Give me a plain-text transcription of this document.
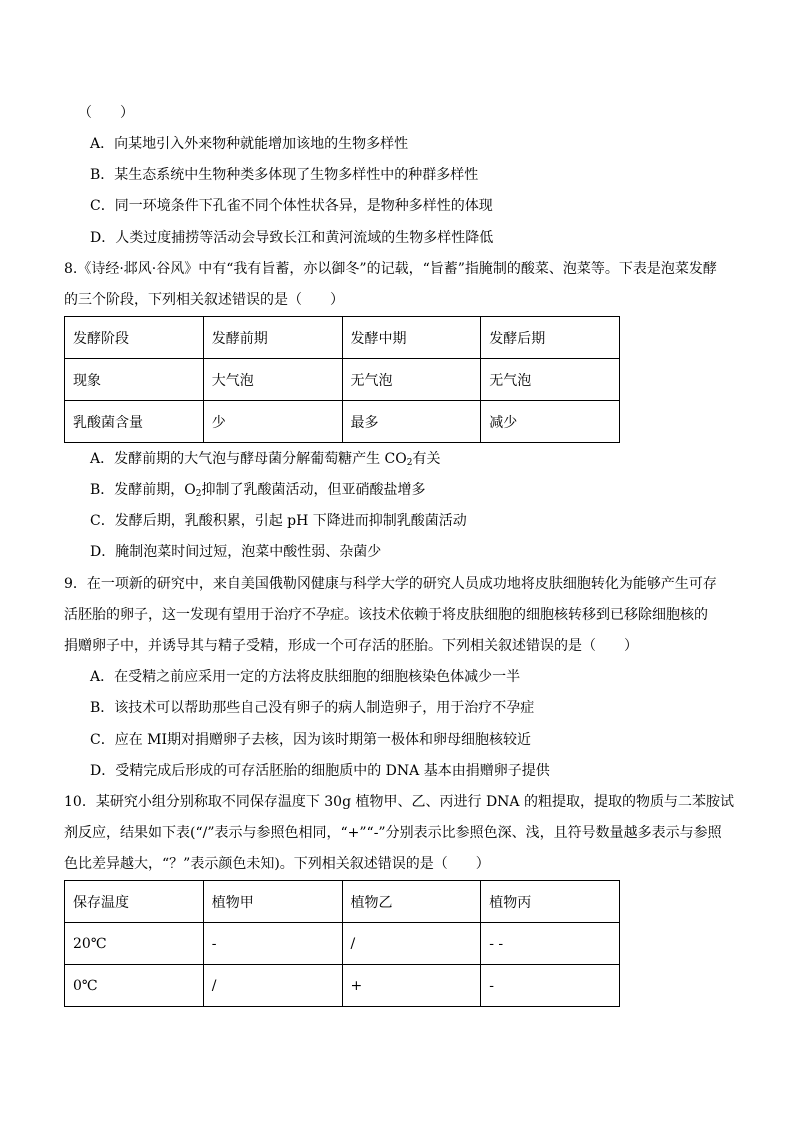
（　　）
A．向某地引入外来物种就能增加该地的生物多样性
B．某生态系统中生物种类多体现了生物多样性中的种群多样性
C．同一环境条件下孔雀不同个体性状各异，是物种多样性的体现
D．人类过度捕捞等活动会导致长江和黄河流域的生物多样性降低
8.《诗经·邶风·谷风》中有“我有旨蓄，亦以御冬”的记载，“旨蓄”指腌制的酸菜、泡菜等。下表是泡菜发酵
的三个阶段，下列相关叙述错误的是（　　）
发酵阶段	发酵前期	发酵中期	发酵后期
现象	大气泡	无气泡	无气泡
乳酸菌含量	少	最多	减少
A．发酵前期的大气泡与酵母菌分解葡萄糖产生 $CO_2$有关
B．发酵前期，$O_2$抑制了乳酸菌活动，但亚硝酸盐增多
C．发酵后期，乳酸积累，引起 pH 下降进而抑制乳酸菌活动
D．腌制泡菜时间过短，泡菜中酸性弱、杂菌少
9．在一项新的研究中，来自美国俄勒冈健康与科学大学的研究人员成功地将皮肤细胞转化为能够产生可存
活胚胎的卵子，这一发现有望用于治疗不孕症。该技术依赖于将皮肤细胞的细胞核转移到已移除细胞核的
捐赠卵子中，并诱导其与精子受精，形成一个可存活的胚胎。下列相关叙述错误的是（　　）
A．在受精之前应采用一定的方法将皮肤细胞的细胞核染色体减少一半
B．该技术可以帮助那些自己没有卵子的病人制造卵子，用于治疗不孕症
C．应在 MⅠ期对捐赠卵子去核，因为该时期第一极体和卵母细胞核较近
D．受精完成后形成的可存活胚胎的细胞质中的 DNA 基本由捐赠卵子提供
10．某研究小组分别称取不同保存温度下 30g 植物甲、乙、丙进行 DNA 的粗提取，提取的物质与二苯胺试
剂反应，结果如下表(“/”表示与参照色相同，“+”“-”分别表示比参照色深、浅，且符号数量越多表示与参照
色比差异越大，“？”表示颜色未知)。下列相关叙述错误的是（　　）
保存温度	植物甲	植物乙	植物丙
20℃	-	/	- -
0℃	/	+	-
